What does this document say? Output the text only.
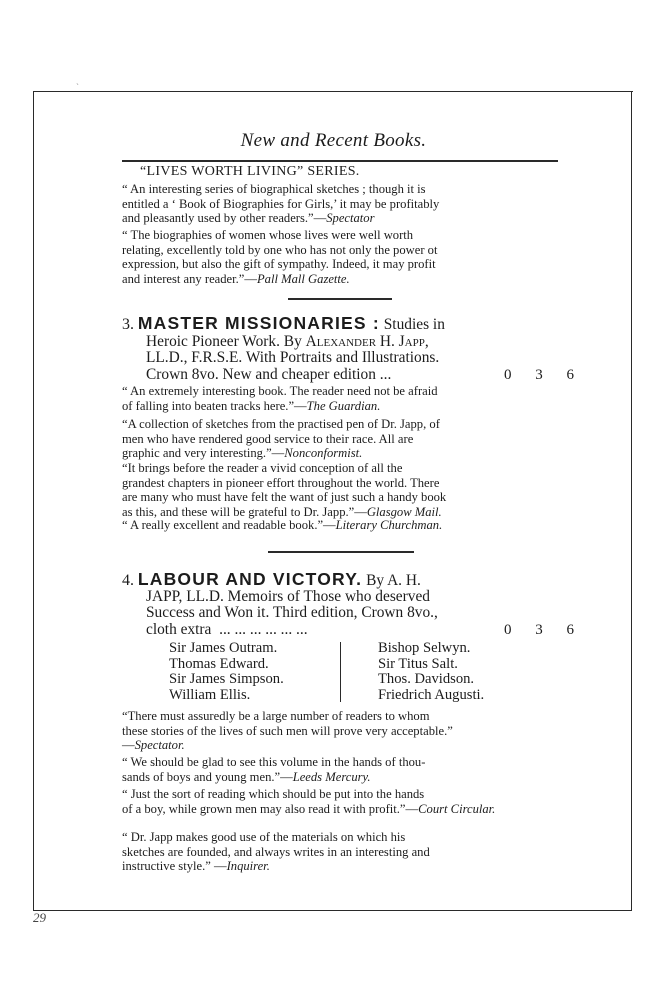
ˏ
New and Recent Books.
“LIVES WORTH LIVING” SERIES.
“ An interesting series of biographical sketches ; though it is
entitled a ‘ Book of Biographies for Girls,’ it may be profitably
and pleasantly used by other readers.”—Spectator
“ The biographies of women whose lives were well worth
relating, excellently told by one who has not only the power ot
expression, but also the gift of sympathy. Indeed, it may profit
and interest any reader.”—Pall Mall Gazette.
3. MASTER MISSIONARIES : Studies in
Heroic Pioneer Work. By Alexander H. Japp,
LL.D., F.R.S.E. With Portraits and Illustrations.
Crown 8vo. New and cheaper edition ...	0 3 6
“ An extremely interesting book. The reader need not be afraid
of falling into beaten tracks here.”—The Guardian.
“A collection of sketches from the practised pen of Dr. Japp, of
men who have rendered good service to their race. All are
graphic and very interesting.”—Nonconformist.
“It brings before the reader a vivid conception of all the
grandest chapters in pioneer effort throughout the world. There
are many who must have felt the want of just such a handy book
as this, and these will be grateful to Dr. Japp.”—Glasgow Mail.
“ A really excellent and readable book.”—Literary Churchman.
4. LABOUR AND VICTORY. By A. H.
JAPP, LL.D. Memoirs of Those who deserved
Success and Won it. Third edition, Crown 8vo.,
cloth extra ... ... ... ... ... ...	0 3 6
Sir James Outram.
Thomas Edward.
Sir James Simpson.
William Ellis.
Bishop Selwyn.
Sir Titus Salt.
Thos. Davidson.
Friedrich Augusti.
“There must assuredly be a large number of readers to whom
these stories of the lives of such men will prove very acceptable.”
—Spectator.
“ We should be glad to see this volume in the hands of thou-
sands of boys and young men.”—Leeds Mercury.
“ Just the sort of reading which should be put into the hands
of a boy, while grown men may also read it with profit.”—Court Circular.
“ Dr. Japp makes good use of the materials on which his
sketches are founded, and always writes in an interesting and
instructive style.” —Inquirer.
29
